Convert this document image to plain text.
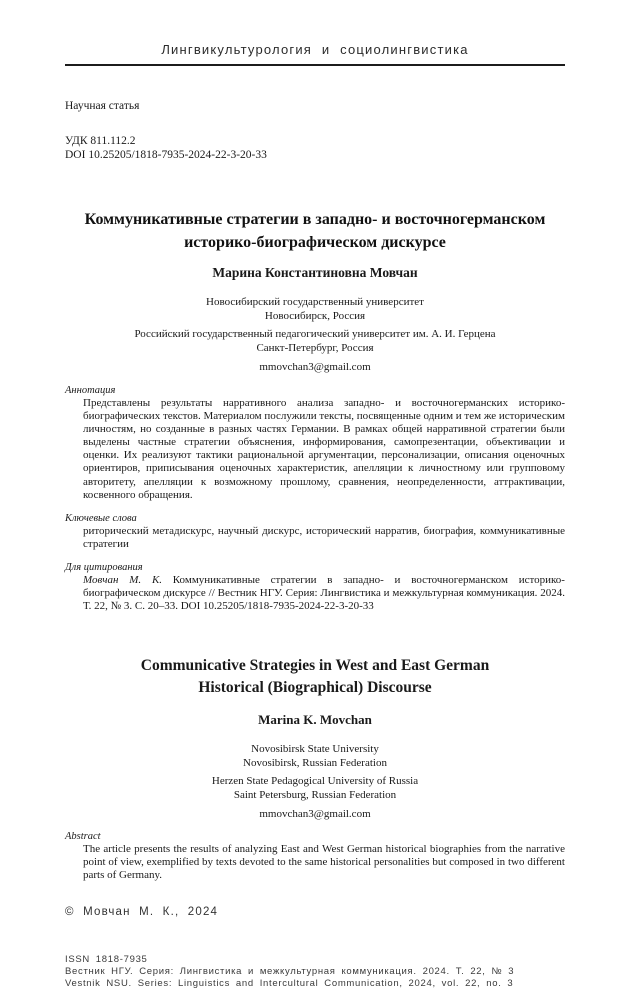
Лингвикультурология и социолингвистика
Научная статья
УДК 811.112.2
DOI 10.25205/1818-7935-2024-22-3-20-33
Коммуникативные стратегии в западно- и восточногерманском
историко-биографическом дискурсе
Марина Константиновна Мовчан
Новосибирский государственный университет
Новосибирск, Россия
Российский государственный педагогический университет им. А. И. Герцена
Санкт-Петербург, Россия
mmovchan3@gmail.com
Аннотация
Представлены результаты нарративного анализа западно- и восточногерманских историко-биографических текстов. Материалом послужили тексты, посвященные одним и тем же историческим личностям, но созданные в разных частях Германии. В рамках общей нарративной стратегии были выделены частные стратегии объяснения, информирования, самопрезентации, объективации и оценки. Их реализуют тактики рациональной аргументации, персонализации, описания оценочных ориентиров, приписывания оценочных характеристик, апелляции к личностному или групповому авторитету, апелляции к возможному прошлому, сравнения, неопределенности, аттрактивации, косвенного обращения.
Ключевые слова
риторический метадискурс, научный дискурс, исторический нарратив, биография, коммуникативные стратегии
Для цитирования
Мовчан М. К. Коммуникативные стратегии в западно- и восточногерманском историко-биографическом дискурсе // Вестник НГУ. Серия: Лингвистика и межкультурная коммуникация. 2024. Т. 22, № 3. С. 20–33. DOI 10.25205/1818-7935-2024-22-3-20-33
Communicative Strategies in West and East German
Historical (Biographical) Discourse
Marina K. Movchan
Novosibirsk State University
Novosibirsk, Russian Federation
Herzen State Pedagogical University of Russia
Saint Petersburg, Russian Federation
mmovchan3@gmail.com
Abstract
The article presents the results of analyzing East and West German historical biographies from the narrative point of view, exemplified by texts devoted to the same historical personalities but composed in two different parts of Germany.
© Мовчан М. К., 2024
ISSN 1818-7935
Вестник НГУ. Серия: Лингвистика и межкультурная коммуникация. 2024. Т. 22, № 3
Vestnik NSU. Series: Linguistics and Intercultural Communication, 2024, vol. 22, no. 3
